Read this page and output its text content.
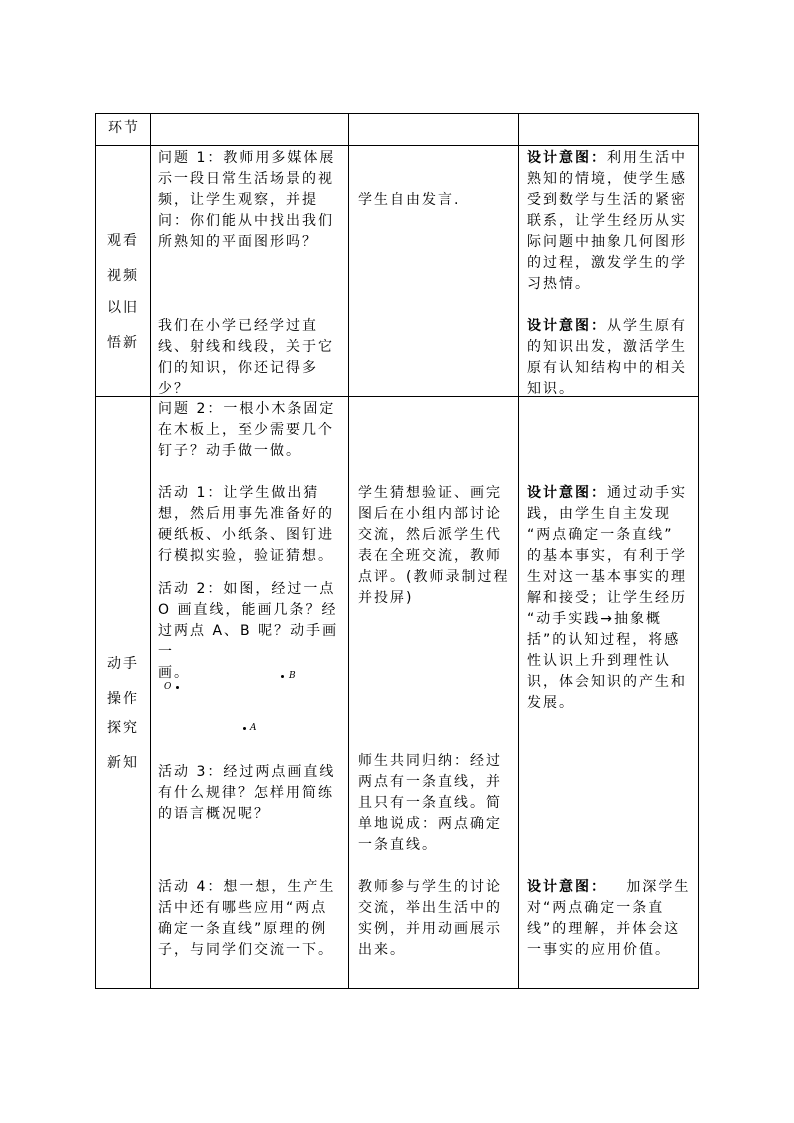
环节

观看

视频

以旧

悟新

问题 1：教师用多媒体展

示一段日常生活场景的视

频，让学生观察，并提

问：你们能从中找出我们

所熟知的平面图形吗？

我们在小学已经学过直

线、射线和线段，关于它

们的知识，你还记得多

少？

学生自由发言.

设计意图：利用生活中

熟知的情境，使学生感

受到数学与生活的紧密

联系，让学生经历从实

际问题中抽象几何图形

的过程，激发学生的学

习热情。

设计意图：从学生原有

的知识出发，激活学生

原有认知结构中的相关

知识。

动手

操作

探究

新知

问题 2：一根小木条固定

在木板上，至少需要几个

钉子？动手做一做。

活动 1：让学生做出猜

想，然后用事先准备好的

硬纸板、小纸条、图钉进

行模拟实验，验证猜想。

活动 2：如图，经过一点

O 画直线，能画几条？经

过两点 A、B 呢？动手画一

画。

O
B
A

活动 3：经过两点画直线

有什么规律？怎样用简练

的语言概况呢？

活动 4：想一想，生产生

活中还有哪些应用“两点

确定一条直线”原理的例

子，与同学们交流一下。

学生猜想验证、画完

图后在小组内部讨论

交流，然后派学生代

表在全班交流，教师

点评。(教师录制过程

并投屏)

师生共同归纳：经过

两点有一条直线，并

且只有一条直线。简

单地说成：两点确定

一条直线。

教师参与学生的讨论

交流，举出生活中的

实例，并用动画展示

出来。

设计意图：通过动手实

践，由学生自主发现

“两点确定一条直线”

的基本事实，有利于学

生对这一基本事实的理

解和接受；让学生经历

“动手实践→抽象概

括”的认知过程，将感

性认识上升到理性认

识，体会知识的产生和

发展。

设计意图：   加深学生

对“两点确定一条直

线”的理解，并体会这

一事实的应用价值。
